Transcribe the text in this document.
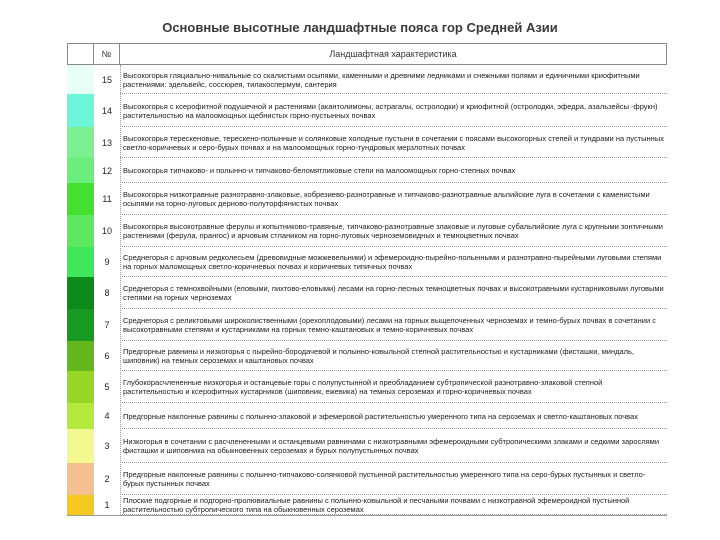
Основные высотные ландшафтные пояса гор Средней Азии
№	Ландшафтная характеристика
15	Высокогорья гляциально-нивальные со скалистыми осыпями, каменными и древними ледниками и снежными полями и единичными криофитными растениями: эдельвейс, соссюрея, тилакоспермум, сантерия
14	Высокогорья с ксерофитной подушечной и растениями (акантолимоны, астрагалы, остролодки) и криофитной (остролодки, эфедра, азальзейсы -фрукн) растительностью на малоомощных щебнистых горно-пустынных почвах
13	Высокогорья терескеновые, терескено-полынные и солянковые холодные пустыни в сочетании с поясами высокогорных степей и тундрами на пустынных светло-коричневых и серо-бурых почвах и на малоомощных горно-тундровых мерзлотных почвах
12	Высокогорья типчаково- и полынно-и типчаково-беломятликовые степи на малоомощных горно-степных почвах
11	Высокогорья низкотравные разнотравно-злаковые, кобрезиево-разнотравные и типчаково-разнотравные альпийские луга в сочетании с каменистыми осыпями на горно-луговых дерново-полуторфянистых почвах
10	Высокогорья высокотравные ферулы и копытниково-травяные, типчаково-разнотравные злаковые и луговые субальпийские луга с крупными зонтичными растениями (ферула, прангос) и арчовым стлаником на горно-луговых черноземовидных и темноцветных почвах
9	Среднегорья с арчовым редколесьем (древовидные можжевельники) и эфемероидно-пырейно-полынными и разнотравно-пырейными луговыми степями на горных маломощных светло-коричневых почвах и коричневых типичных почвах
8	Среднегорья с темнохвойными (еловыми, пихтово-еловыми) лесами на горно-лесных темноцветных почвах и высокотравными кустарниковыми луговыми степями на горных черноземах
7	Среднегорья с реликтовыми широколиственными (орехоплодовыми) лесами на горных выщелоченных черноземах и темно-бурых почвах в сочетании с высокотравными степями и кустарниками на горных темно-каштановых и темно-коричневых почвах
6	Предгорные равнины и низкогорья с пырейно-бородачевой и полынно-ковыльной степной растительностью и кустарниками (фисташки, миндаль, шиповник) на темных сероземах и каштановых почвах
5	Глубокорасчлененные низкогорья и останцевые горы с полупустынной и преобладанием субтропической разнотравно-злаковой степной растительностью и ксерофитных кустарников (шиповник, ежевика) на темных сероземах и горно-коричневых почвах
4	Предгорные наклонные равнины с полынно-злаковой и эфемеровой растительностью умеренного типа на сероземах и светло-каштановых почвах
3	Низкогорья в сочетании с расчлененными и останцевыми равнинами с низкотравными эфемероидными субтропическими злаками и седкими зарослями фисташки и шиповника на обыкновенных сероземах и бурых полупустынных почвах
2	Предгорные наклонные равнины с полынно-типчаково-солянковой пустынной растительностью умеренного типа на серо-бурых пустынных и светло-бурых пустынных почвах
1	Плоские подгорные и подгорно-пролювиальные равнины с полынно-ковыльной и песчаными почвами с низкотравной эфемероидной пустынной растительностью субтропического типа на обыкновенных сероземах
